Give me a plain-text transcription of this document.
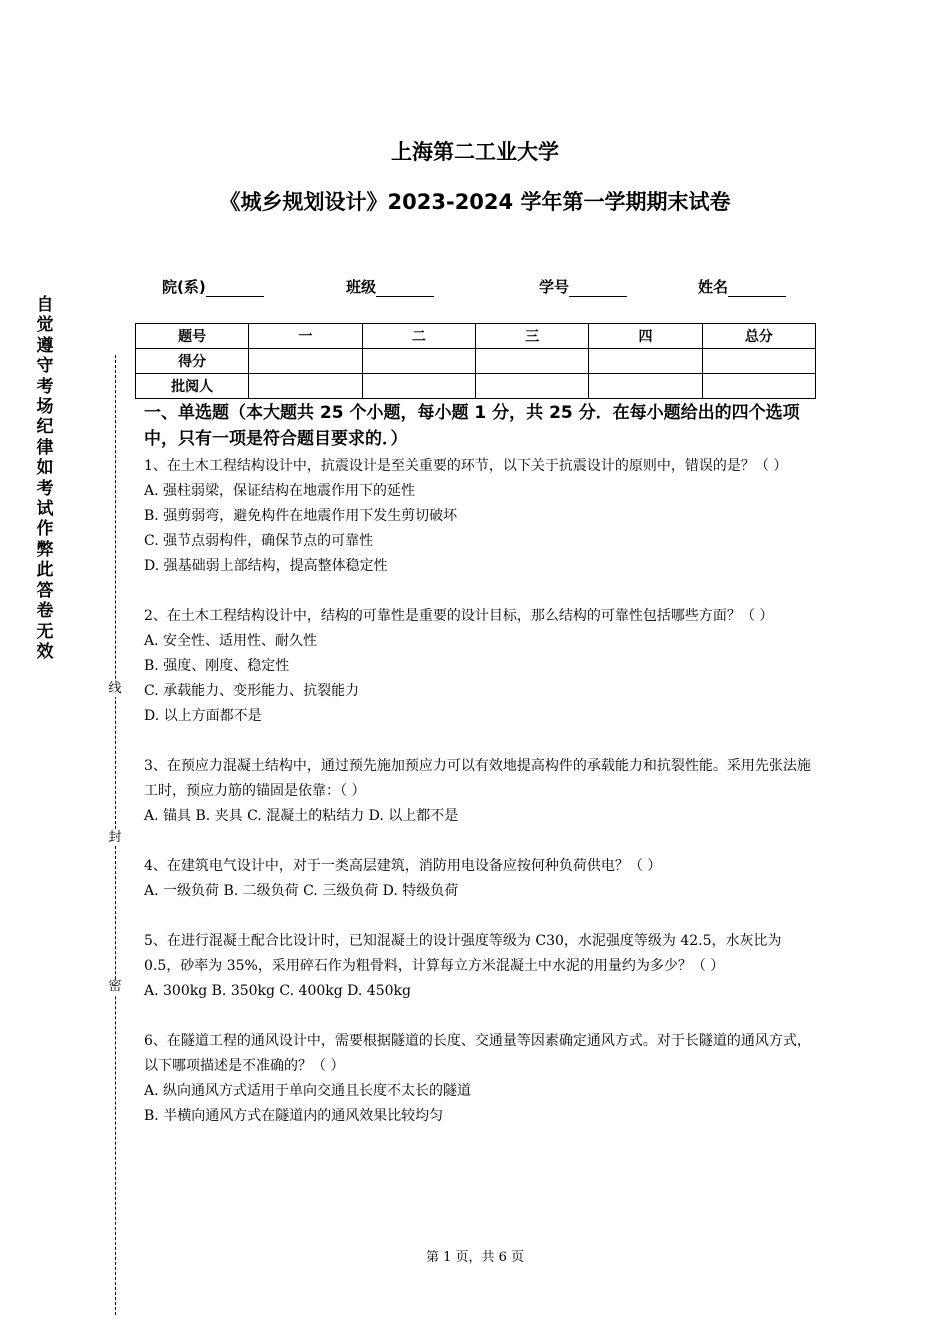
上海第二工业大学
《城乡规划设计》2023-2024 学年第一学期期末试卷
院(系)	班级	学号	姓名
题号	一	二	三	四	总分
得分					
批阅人					
自觉遵守考场纪律如考试作弊此答卷无效
线
封
密

一、单选题（本大题共 25 个小题，每小题 1 分，共 25 分．在每小题给出的四个选项中，只有一项是符合题目要求的．）

1、在土木工程结构设计中，抗震设计是至关重要的环节，以下关于抗震设计的原则中，错误的是？（ ）

A. 强柱弱梁，保证结构在地震作用下的延性

B. 强剪弱弯，避免构件在地震作用下发生剪切破坏

C. 强节点弱构件，确保节点的可靠性

D. 强基础弱上部结构，提高整体稳定性

2、在土木工程结构设计中，结构的可靠性是重要的设计目标，那么结构的可靠性包括哪些方面？（ ）

A. 安全性、适用性、耐久性

B. 强度、刚度、稳定性

C. 承载能力、变形能力、抗裂能力

D. 以上方面都不是

3、在预应力混凝土结构中，通过预先施加预应力可以有效地提高构件的承载能力和抗裂性能。采用先张法施工时，预应力筋的锚固是依靠：（ ）

A. 锚具 B. 夹具 C. 混凝土的粘结力 D. 以上都不是

4、在建筑电气设计中，对于一类高层建筑，消防用电设备应按何种负荷供电？（ ）

A. 一级负荷 B. 二级负荷 C. 三级负荷 D. 特级负荷

5、在进行混凝土配合比设计时，已知混凝土的设计强度等级为 C30，水泥强度等级为 42.5，水灰比为 0.5，砂率为 35%，采用碎石作为粗骨料，计算每立方米混凝土中水泥的用量约为多少？（ ）

A. 300kg B. 350kg C. 400kg D. 450kg

6、在隧道工程的通风设计中，需要根据隧道的长度、交通量等因素确定通风方式。对于长隧道的通风方式，以下哪项描述是不准确的？（ ）

A. 纵向通风方式适用于单向交通且长度不太长的隧道

B. 半横向通风方式在隧道内的通风效果比较均匀

第 1 页，共 6 页
